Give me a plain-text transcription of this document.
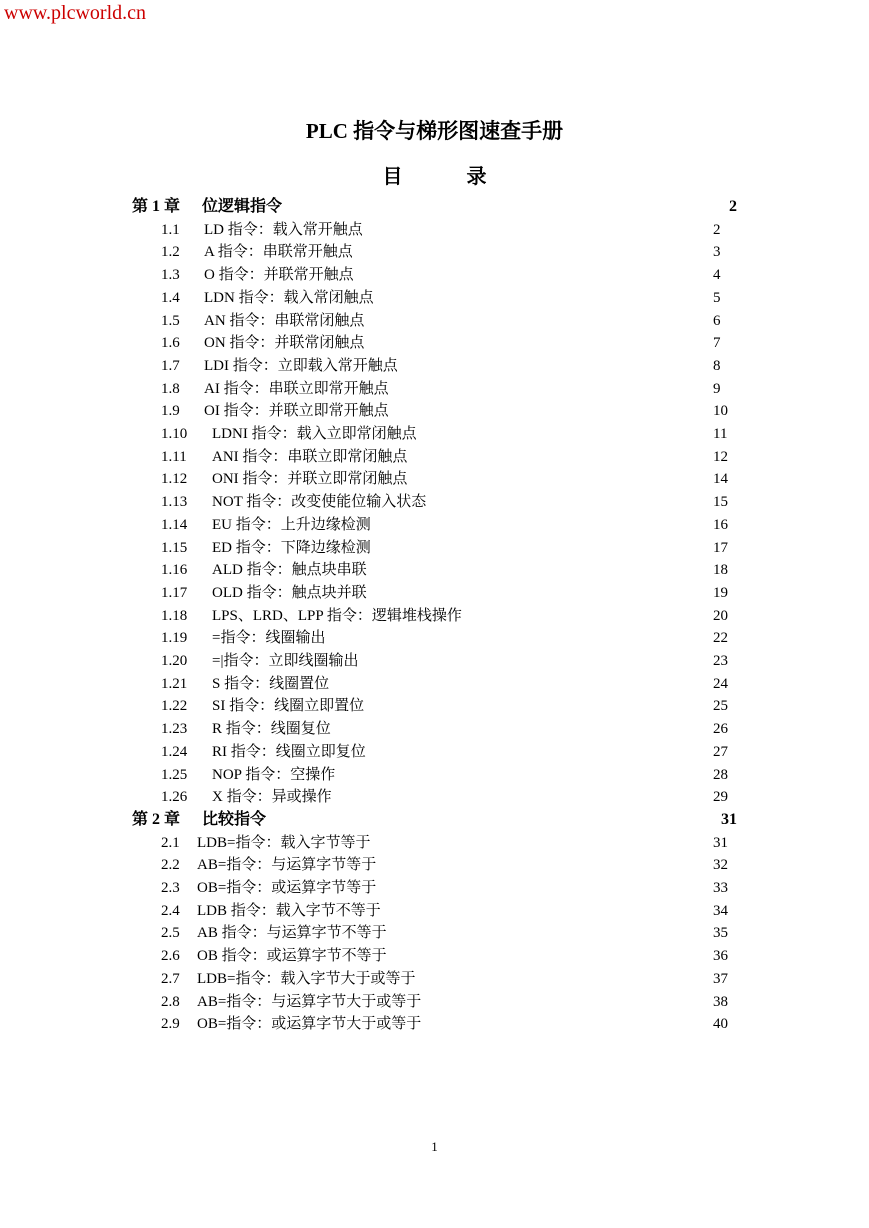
www.plcworld.cn
PLC 指令与梯形图速查手册
目录
第 1 章 位逻辑指令	2
1.1 LD 指令：载入常开触点	2
1.2 A 指令：串联常开触点	3
1.3 O 指令：并联常开触点	4
1.4 LDN 指令：载入常闭触点	5
1.5 AN 指令：串联常闭触点	6
1.6 ON 指令：并联常闭触点	7
1.7 LDI 指令：立即载入常开触点	8
1.8 AI 指令：串联立即常开触点	9
1.9 OI 指令：并联立即常开触点	10
1.10 LDNI 指令：载入立即常闭触点	11
1.11 ANI 指令：串联立即常闭触点	12
1.12 ONI 指令：并联立即常闭触点	14
1.13 NOT 指令：改变使能位输入状态	15
1.14 EU 指令：上升边缘检测	16
1.15 ED 指令：下降边缘检测	17
1.16 ALD 指令：触点块串联	18
1.17 OLD 指令：触点块并联	19
1.18 LPS、LRD、LPP 指令：逻辑堆栈操作	20
1.19 =指令：线圈输出	22
1.20 =|指令：立即线圈输出	23
1.21 S 指令：线圈置位	24
1.22 SI 指令：线圈立即置位	25
1.23 R 指令：线圈复位	26
1.24 RI 指令：线圈立即复位	27
1.25 NOP 指令：空操作	28
1.26 X 指令：异或操作	29
第 2 章 比较指令	31
2.1 LDB=指令：载入字节等于	31
2.2 AB=指令：与运算字节等于	32
2.3 OB=指令：或运算字节等于	33
2.4 LDB 指令：载入字节不等于	34
2.5 AB 指令：与运算字节不等于	35
2.6 OB 指令：或运算字节不等于	36
2.7 LDB=指令：载入字节大于或等于	37
2.8 AB=指令：与运算字节大于或等于	38
2.9 OB=指令：或运算字节大于或等于	40
1
